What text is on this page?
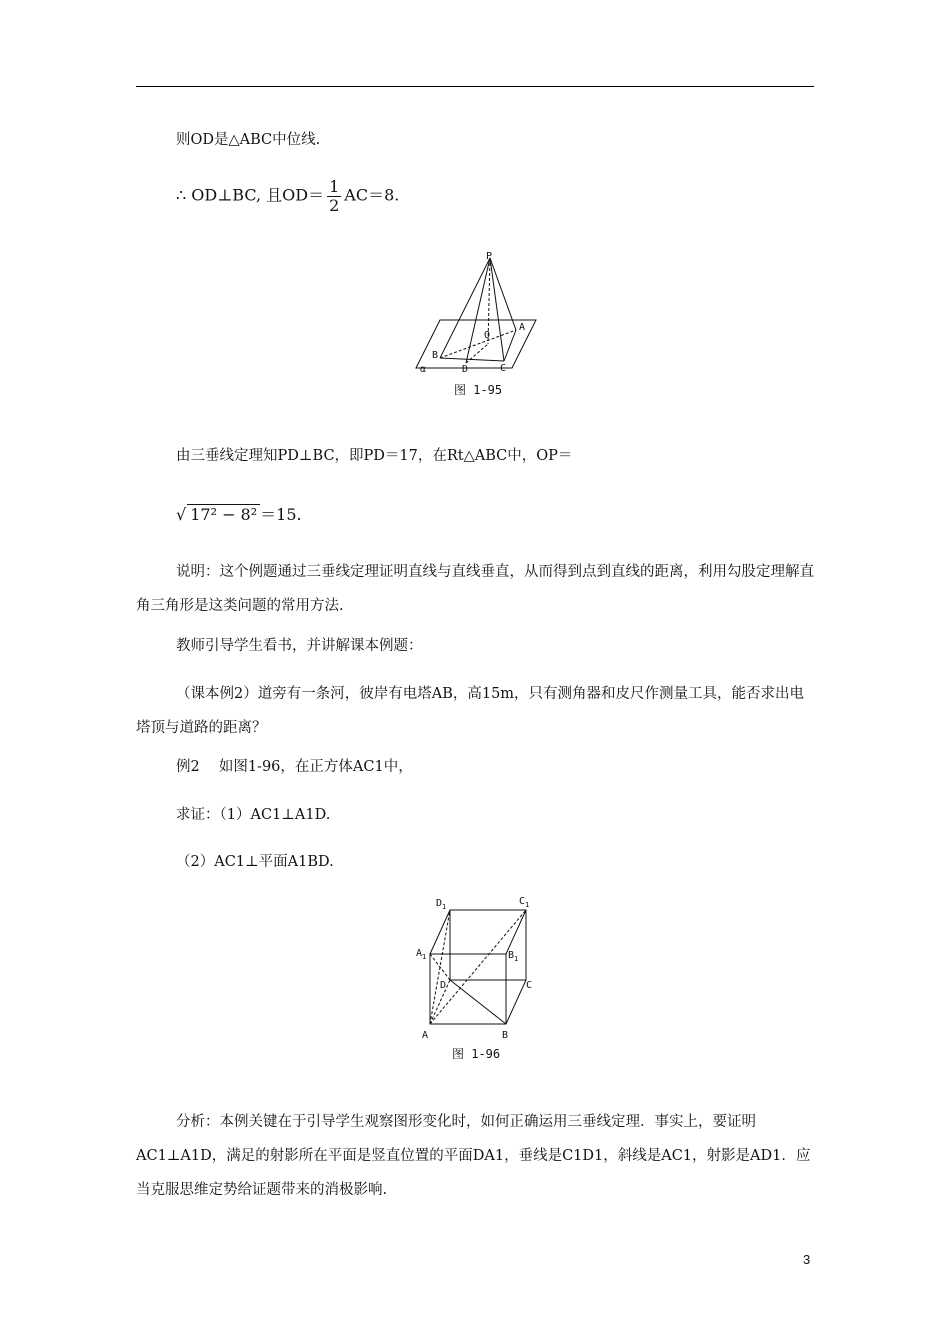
则OD是△ABC中位线.
∴ OD⊥BC, 且$OD= \frac{1}{2} AC=8$.
P
O
A
B
C
D
α
图 1-95
由三垂线定理知PD⊥BC，即PD＝17，在Rt△ABC中，OP＝
√ 17² − 8² ＝15.
说明：这个例题通过三垂线定理证明直线与直线垂直，从而得到点到直线的距离，利用勾股定理解直角三角形是这类问题的常用方法.
教师引导学生看书，并讲解课本例题：
（课本例2）道旁有一条河，彼岸有电塔AB，高15m，只有测角器和皮尺作测量工具，能否求出电塔顶与道路的距离？
例2　 如图1-96，在正方体AC1中，
求证：（1）AC1⊥A1D.
（2）AC1⊥平面A1BD.
$D_1$	$C_1$
$A_1$	$B_1$
D	C
A	B
图 1-96
分析：本例关键在于引导学生观察图形变化时，如何正确运用三垂线定理．事实上，要证明AC1⊥A1D，满足的射影所在平面是竖直位置的平面DA1，垂线是C1D1，斜线是AC1，射影是AD1．应当克服思维定势给证题带来的消极影响.
3
